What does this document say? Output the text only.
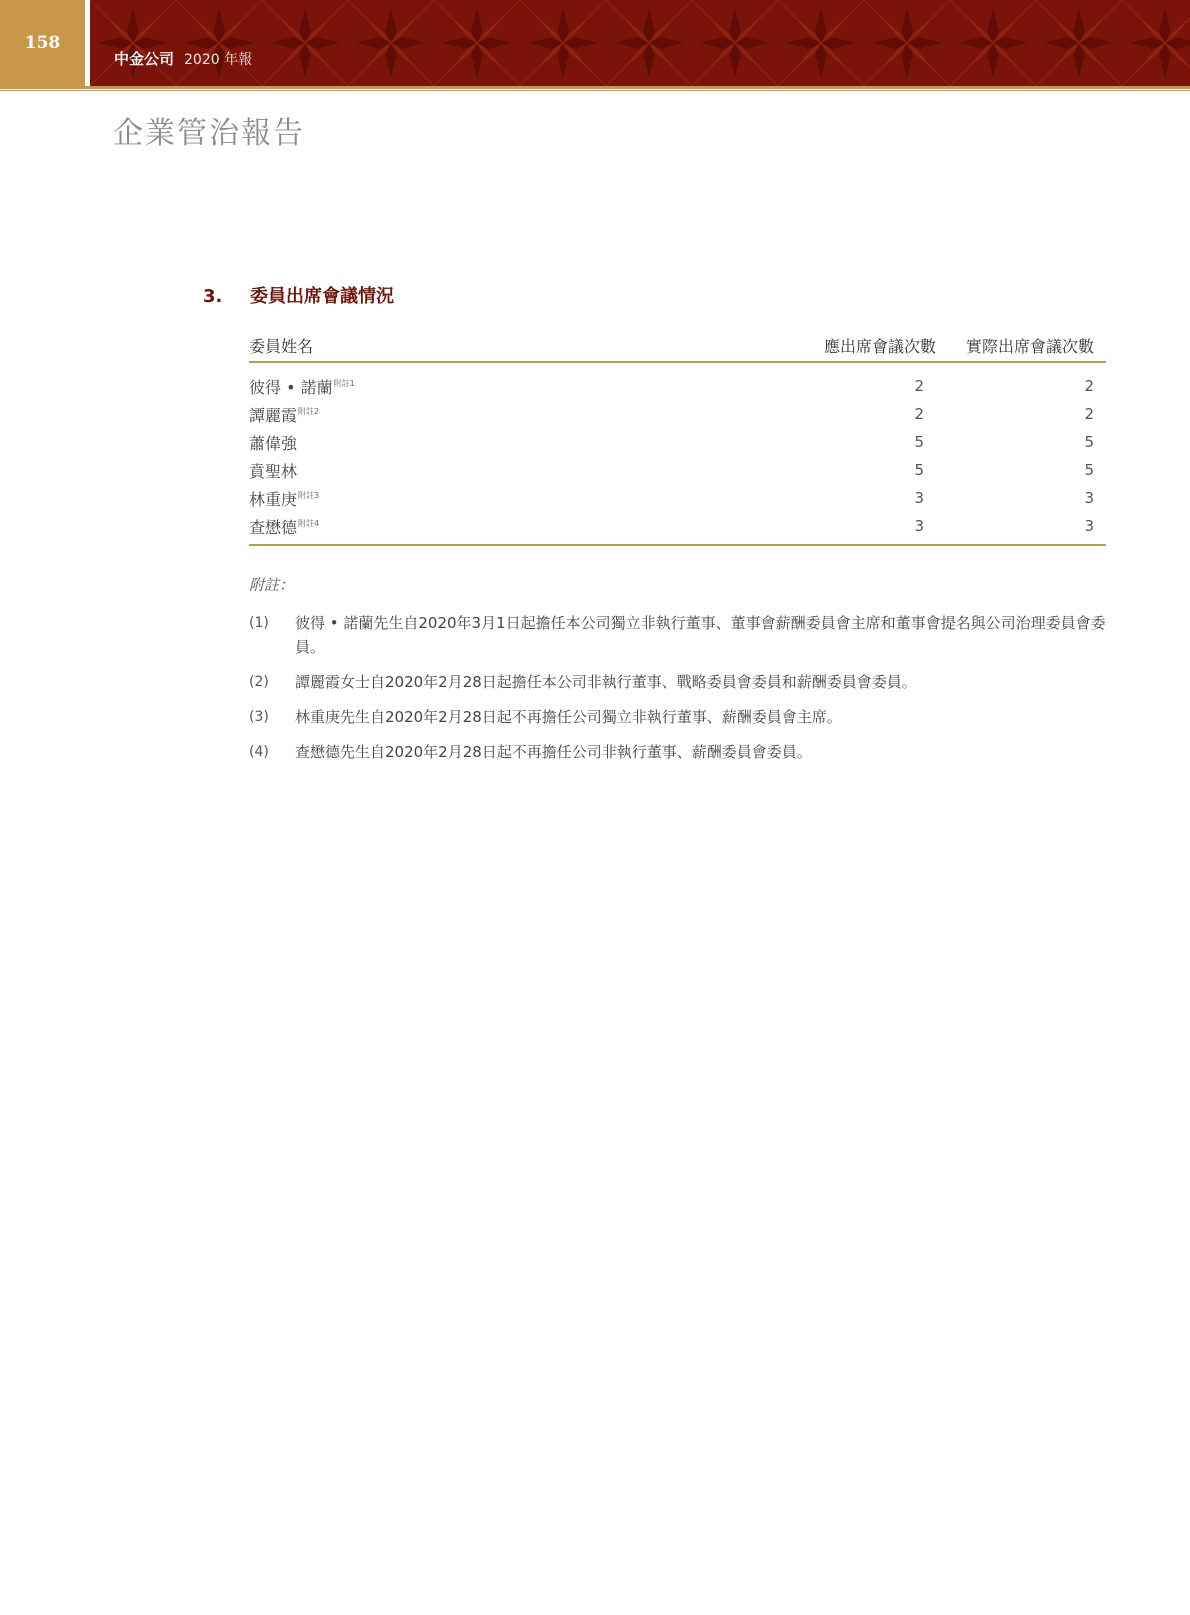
158
中金公司 2020 年報
企業管治報告
3.	委員出席會議情況
委員姓名	應出席會議次數	實際出席會議次數
彼得 • 諾蘭$^{附註1}$	2	2
譚麗霞$^{附註2}$	2	2
蕭偉強	5	5
賁聖林	5	5
林重庚$^{附註3}$	3	3
查懋德$^{附註4}$	3	3
附註：
(1)	彼得 • 諾蘭先生自2020年3月1日起擔任本公司獨立非執行董事、董事會薪酬委員會主席和董事會提名與公司治理委員會委員。
(2)	譚麗霞女士自2020年2月28日起擔任本公司非執行董事、戰略委員會委員和薪酬委員會委員。
(3)	林重庚先生自2020年2月28日起不再擔任公司獨立非執行董事、薪酬委員會主席。
(4)	查懋德先生自2020年2月28日起不再擔任公司非執行董事、薪酬委員會委員。
